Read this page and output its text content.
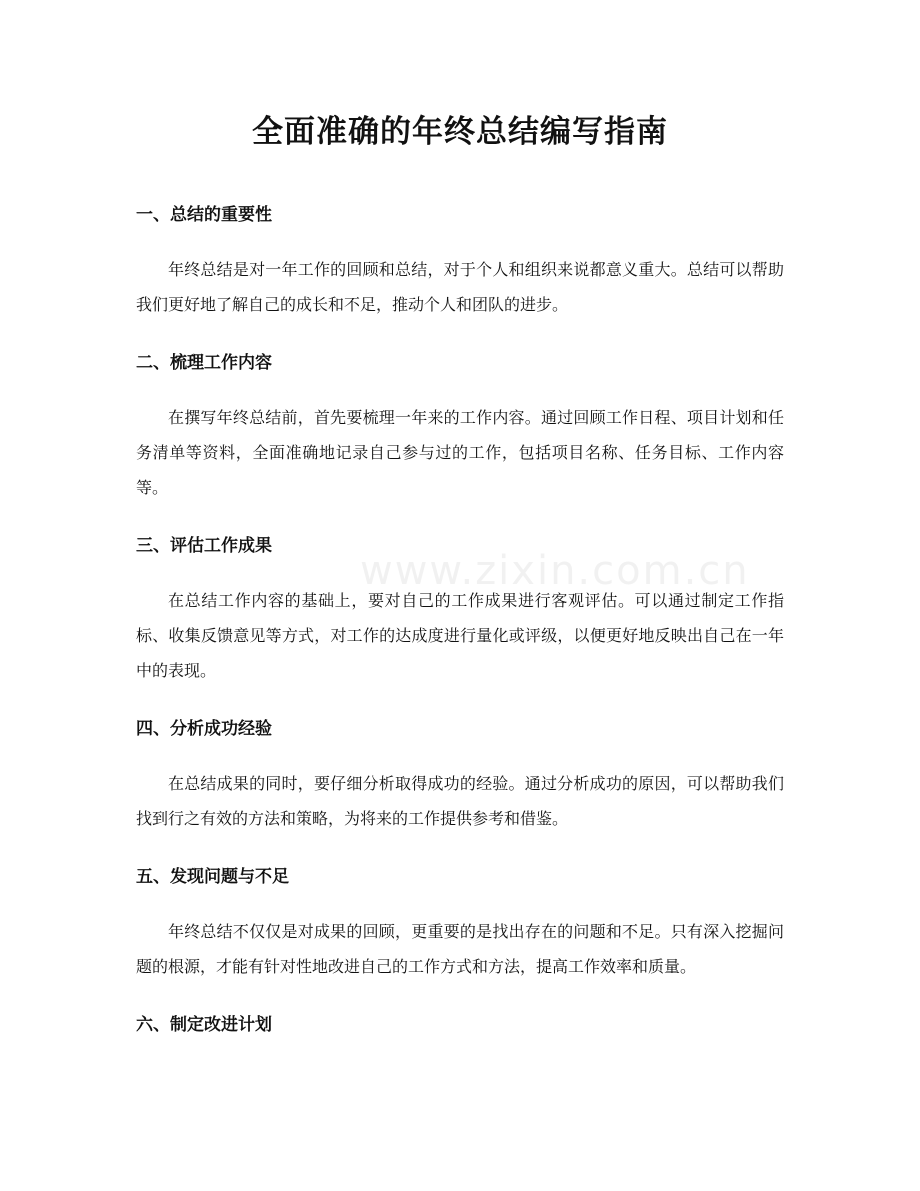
全面准确的年终总结编写指南
一、总结的重要性

年终总结是对一年工作的回顾和总结，对于个人和组织来说都意义重大。总结可以帮助我们更好地了解自己的成长和不足，推动个人和团队的进步。

二、梳理工作内容

在撰写年终总结前，首先要梳理一年来的工作内容。通过回顾工作日程、项目计划和任务清单等资料，全面准确地记录自己参与过的工作，包括项目名称、任务目标、工作内容等。

三、评估工作成果

在总结工作内容的基础上，要对自己的工作成果进行客观评估。可以通过制定工作指标、收集反馈意见等方式，对工作的达成度进行量化或评级，以便更好地反映出自己在一年中的表现。

四、分析成功经验

在总结成果的同时，要仔细分析取得成功的经验。通过分析成功的原因，可以帮助我们找到行之有效的方法和策略，为将来的工作提供参考和借鉴。

五、发现问题与不足

年终总结不仅仅是对成果的回顾，更重要的是找出存在的问题和不足。只有深入挖掘问题的根源，才能有针对性地改进自己的工作方式和方法，提高工作效率和质量。

六、制定改进计划
www.zixin.com.cn
